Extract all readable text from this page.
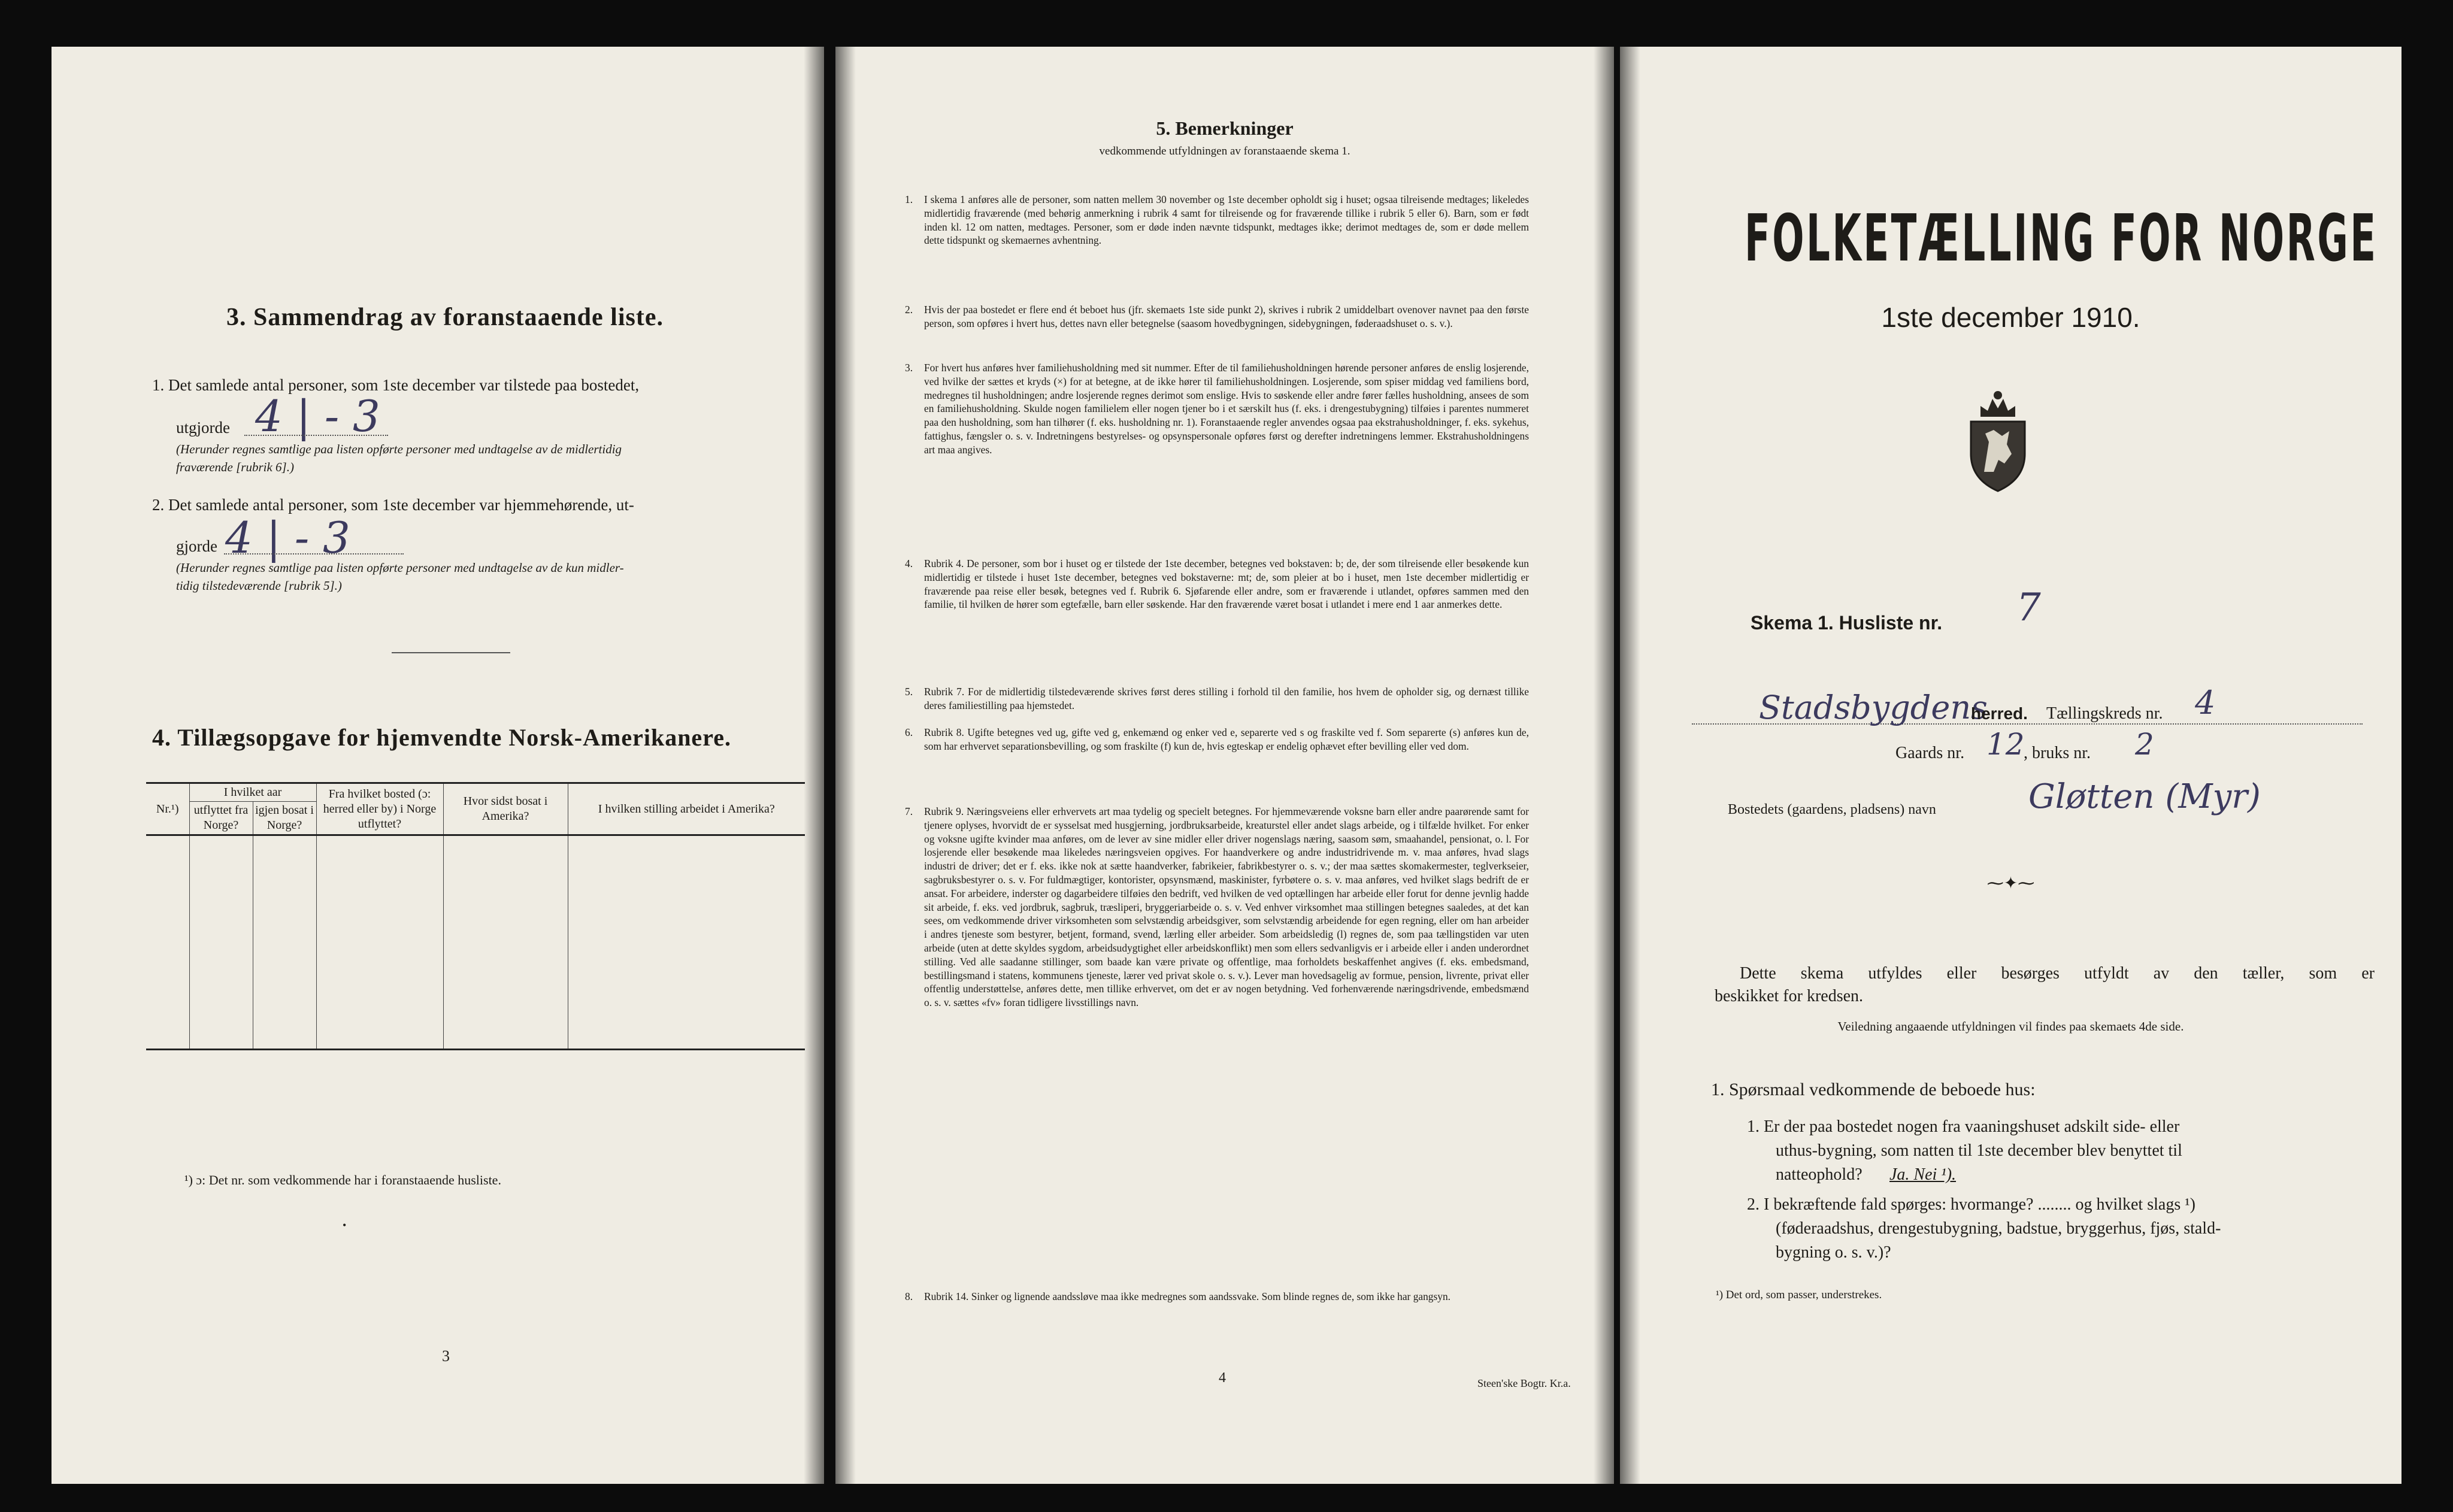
3. Sammendrag av foranstaaende liste.
1. Det samlede antal personer, som 1ste december var tilstede paa bostedet,
utgjorde 4 | - 3
(Herunder regnes samtlige paa listen opførte personer med undtagelse av de midlertidig
fraværende [rubrik 6].)
2. Det samlede antal personer, som 1ste december var hjemmehørende, ut-
gjorde 4 | - 3
(Herunder regnes samtlige paa listen opførte personer med undtagelse av de kun midler-
tidig tilstedeværende [rubrik 5].)
4. Tillægsopgave for hjemvendte Norsk-Amerikanere.
Nr.¹)	I hvilket aar		Fra hvilket bosted (ɔ: herred eller by) i Norge utflyttet?	Hvor sidst bosat i Amerika?	I hvilken stilling arbeidet i Amerika?
	utflyttet fra Norge?	igjen bosat i Norge?			

¹) ɔ: Det nr. som vedkommende har i foranstaaende husliste.
•
3
5. Bemerkninger
vedkommende utfyldningen av foranstaaende skema 1.
1. I skema 1 anføres alle de personer, som natten mellem 30 november og 1ste december opholdt sig i huset; ogsaa tilreisende medtages; likeledes midlertidig fraværende (med behørig anmerkning i rubrik 4 samt for tilreisende og for fraværende tillike i rubrik 5 eller 6). Barn, som er født inden kl. 12 om natten, medtages. Personer, som er døde inden nævnte tidspunkt, medtages ikke; derimot medtages de, som er døde mellem dette tidspunkt og skemaernes avhentning.
2. Hvis der paa bostedet er flere end ét beboet hus (jfr. skemaets 1ste side punkt 2), skrives i rubrik 2 umiddelbart ovenover navnet paa den første person, som opføres i hvert hus, dettes navn eller betegnelse (saasom hovedbygningen, sidebygningen, føderaadshuset o. s. v.).
3. For hvert hus anføres hver familiehusholdning med sit nummer. Efter de til familiehusholdningen hørende personer anføres de enslig losjerende, ved hvilke der sættes et kryds (×) for at betegne, at de ikke hører til familiehusholdningen. Losjerende, som spiser middag ved familiens bord, medregnes til husholdningen; andre losjerende regnes derimot som enslige. Hvis to søskende eller andre fører fælles husholdning, ansees de som en familiehusholdning. Skulde nogen familielem eller nogen tjener bo i et særskilt hus (f. eks. i drengestubygning) tilføies i parentes nummeret paa den husholdning, som han tilhører (f. eks. husholdning nr. 1). Foranstaaende regler anvendes ogsaa paa ekstrahusholdninger, f. eks. sykehus, fattighus, fængsler o. s. v. Indretningens bestyrelses- og opsynspersonale opføres først og derefter indretningens lemmer. Ekstrahusholdningens art maa angives.
4. Rubrik 4. De personer, som bor i huset og er tilstede der 1ste december, betegnes ved bokstaven: b; de, der som tilreisende eller besøkende kun midlertidig er tilstede i huset 1ste december, betegnes ved bokstaverne: mt; de, som pleier at bo i huset, men 1ste december midlertidig er fraværende paa reise eller besøk, betegnes ved f. Rubrik 6. Sjøfarende eller andre, som er fraværende i utlandet, opføres sammen med den familie, til hvilken de hører som egtefælle, barn eller søskende. Har den fraværende været bosat i utlandet i mere end 1 aar anmerkes dette.
5. Rubrik 7. For de midlertidig tilstedeværende skrives først deres stilling i forhold til den familie, hos hvem de opholder sig, og dernæst tillike deres familiestilling paa hjemstedet.
6. Rubrik 8. Ugifte betegnes ved ug, gifte ved g, enkemænd og enker ved e, separerte ved s og fraskilte ved f. Som separerte (s) anføres kun de, som har erhvervet separationsbevilling, og som fraskilte (f) kun de, hvis egteskap er endelig ophævet efter bevilling eller ved dom.
7. Rubrik 9. Næringsveiens eller erhvervets art maa tydelig og specielt betegnes. For hjemmeværende voksne barn eller andre paarørende samt for tjenere oplyses, hvorvidt de er sysselsat med husgjerning, jordbruksarbeide, kreaturstel eller andet slags arbeide, og i tilfælde hvilket. For enker og voksne ugifte kvinder maa anføres, om de lever av sine midler eller driver nogenslags næring, saasom søm, smaahandel, pensionat, o. l. For losjerende eller besøkende maa likeledes næringsveien opgives. For haandverkere og andre industridrivende m. v. maa anføres, hvad slags industri de driver; det er f. eks. ikke nok at sætte haandverker, fabrikeier, fabrikbestyrer o. s. v.; der maa sættes skomakermester, teglverkseier, sagbruksbestyrer o. s. v. For fuldmægtiger, kontorister, opsynsmænd, maskinister, fyrbøtere o. s. v. maa anføres, ved hvilket slags bedrift de er ansat. For arbeidere, inderster og dagarbeidere tilføies den bedrift, ved hvilken de ved optællingen har arbeide eller forut for denne jevnlig hadde sit arbeide, f. eks. ved jordbruk, sagbruk, træsliperi, bryggeriarbeide o. s. v. Ved enhver virksomhet maa stillingen betegnes saaledes, at det kan sees, om vedkommende driver virksomheten som selvstændig arbeidsgiver, som selvstændig arbeidende for egen regning, eller om han arbeider i andres tjeneste som bestyrer, betjent, formand, svend, lærling eller arbeider. Som arbeidsledig (l) regnes de, som paa tællingstiden var uten arbeide (uten at dette skyldes sygdom, arbeidsudygtighet eller arbeidskonflikt) men som ellers sedvanligvis er i arbeide eller i anden underordnet stilling. Ved alle saadanne stillinger, som baade kan være private og offentlige, maa forholdets beskaffenhet angives (f. eks. embedsmand, bestillingsmand i statens, kommunens tjeneste, lærer ved privat skole o. s. v.). Lever man hovedsagelig av formue, pension, livrente, privat eller offentlig understøttelse, anføres dette, men tillike erhvervet, om det er av nogen betydning. Ved forhenværende næringsdrivende, embedsmænd o. s. v. sættes «fv» foran tidligere livsstillings navn.
8. Rubrik 14. Sinker og lignende aandssløve maa ikke medregnes som aandssvake. Som blinde regnes de, som ikke har gangsyn.
4	Steen'ske Bogtr. Kr.a.
FOLKETÆLLING FOR NORGE
1ste december 1910.
Skema 1. Husliste nr. 7
Stadsbygdens
herred. Tællingskreds nr. 4
Gaards nr. 12
, bruks nr. 2
Bostedets (gaardens, pladsens) navn	Gløtten (Myr)
⁓✦⁓
Dette skema utfyldes eller besørges utfyldt av den tæller, som er
beskikket for kredsen.
Veiledning angaaende utfyldningen vil findes paa skemaets 4de side.
1. Spørsmaal vedkommende de beboede hus:
1. Er der paa bostedet nogen fra vaaningshuset adskilt side- eller
uthus-bygning, som natten til 1ste december blev benyttet til
natteophold? Ja. Nei ¹).
2. I bekræftende fald spørges: hvormange? ........ og hvilket slags ¹)
(føderaadshus, drengestubygning, badstue, bryggerhus, fjøs, stald-
bygning o. s. v.)?
¹) Det ord, som passer, understrekes.
